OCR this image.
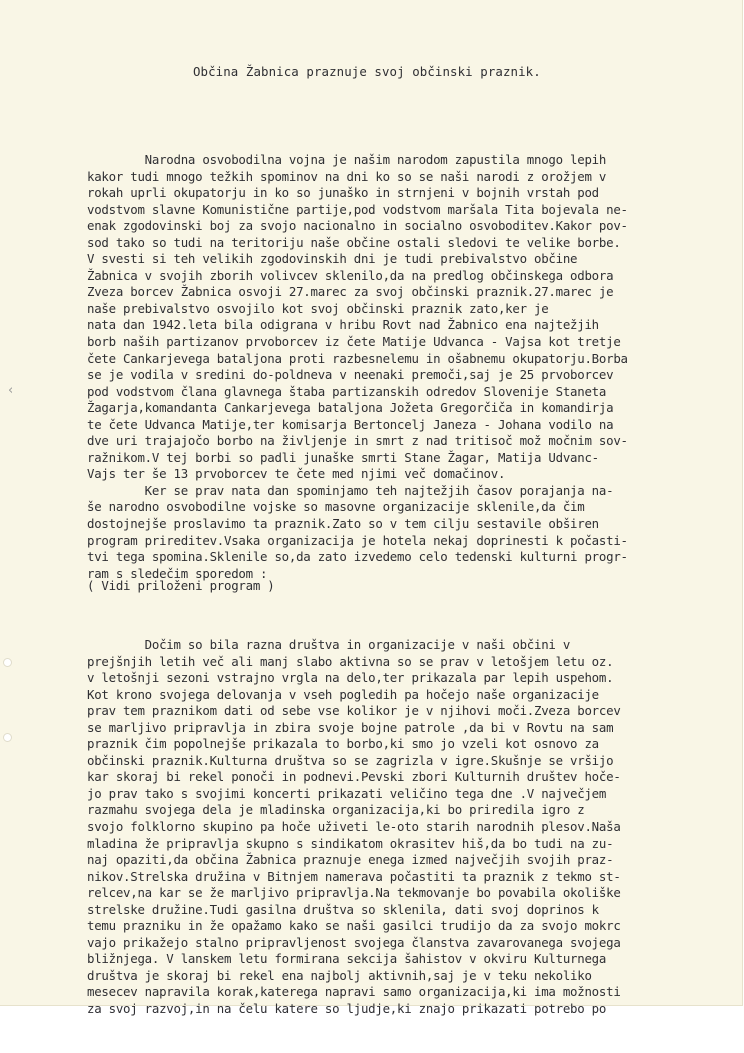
Občina Žabnica praznuje svoj občinski praznik.
Narodna osvobodilna vojna je našim narodom zapustila mnogo lepih
kakor tudi mnogo težkih spominov na dni ko so se naši narodi z orožjem v
rokah uprli okupatorju in ko so junaško in strnjeni v bojnih vrstah pod
vodstvom slavne Komunistične partije,pod vodstvom maršala Tita bojevala ne-
enak zgodovinski boj za svojo nacionalno in socialno osvoboditev.Kakor pov-
sod tako so tudi na teritoriju naše občine ostali sledovi te velike borbe.
V svesti si teh velikih zgodovinskih dni je tudi prebivalstvo občine
Žabnica v svojih zborih volivcev sklenilo,da na predlog občinskega odbora
Zveza borcev Žabnica osvoji 27.marec za svoj občinski praznik.27.marec je
naše prebivalstvo osvojilo kot svoj občinski praznik zato,ker je
nata dan 1942.leta bila odigrana v hribu Rovt nad Žabnico ena najtežjih
borb naših partizanov prvoborcev iz čete Matije Udvanca - Vajsa kot tretje
čete Cankarjevega bataljona proti razbesnelemu in ošabnemu okupatorju.Borba
se je vodila v sredini do-poldneva v neenaki premoči,saj je 25 prvoborcev
pod vodstvom člana glavnega štaba partizanskih odredov Slovenije Staneta
Žagarja,komandanta Cankarjevega bataljona Jožeta Gregorčiča in komandirja
te čete Udvanca Matije,ter komisarja Bertoncelj Janeza - Johana vodilo na
dve uri trajajočo borbo na življenje in smrt z nad tritisoč mož močnim sov-
ražnikom.V tej borbi so padli junaške smrti Stane Žagar, Matija Udvanc-
Vajs ter še 13 prvoborcev te čete med njimi več domačinov.
Ker se prav nata dan spominjamo teh najtežjih časov porajanja na-
še narodno osvobodilne vojske so masovne organizacije sklenile,da čim
dostojnejše proslavimo ta praznik.Zato so v tem cilju sestavile obširen
program prireditev.Vsaka organizacija je hotela nekaj doprinesti k počasti-
tvi tega spomina.Sklenile so,da zato izvedemo celo tedenski kulturni progr-
ram s sledečim sporedom :
( Vidi priloženi program )
Dočim so bila razna društva in organizacije v naši občini v
prejšnjih letih več ali manj slabo aktivna so se prav v letošjem letu oz.
v letošnji sezoni vstrajno vrgla na delo,ter prikazala par lepih uspehom.
Kot krono svojega delovanja v vseh pogledih pa hočejo naše organizacije
prav tem praznikom dati od sebe vse kolikor je v njihovi moči.Zveza borcev
se marljivo pripravlja in zbira svoje bojne patrole ,da bi v Rovtu na sam
praznik čim popolnejše prikazala to borbo,ki smo jo vzeli kot osnovo za
občinski praznik.Kulturna društva so se zagrizla v igre.Skušnje se vršijo
kar skoraj bi rekel ponoči in podnevi.Pevski zbori Kulturnih društev hoče-
jo prav tako s svojimi koncerti prikazati veličino tega dne .V največjem
razmahu svojega dela je mladinska organizacija,ki bo priredila igro z
svojo folklorno skupino pa hoče uživeti le-oto starih narodnih plesov.Naša
mladina že pripravlja skupno s sindikatom okrasitev hiš,da bo tudi na zu-
naj opaziti,da občina Žabnica praznuje enega izmed največjih svojih praz-
nikov.Strelska družina v Bitnjem namerava počastiti ta praznik z tekmo st-
relcev,na kar se že marljivo pripravlja.Na tekmovanje bo povabila okoliške
strelske družine.Tudi gasilna društva so sklenila, dati svoj doprinos k
temu prazniku in že opažamo kako se naši gasilci trudijo da za svojo mokrc
vajo prikažejo stalno pripravljenost svojega članstva zavarovanega svojega
bližnjega. V lanskem letu formirana sekcija šahistov v okviru Kulturnega
društva je skoraj bi rekel ena najbolj aktivnih,saj je v teku nekoliko
mesecev napravila korak,katerega napravi samo organizacija,ki ima možnosti
za svoj razvoj,in na čelu katere so ljudje,ki znajo prikazati potrebo po
‹
